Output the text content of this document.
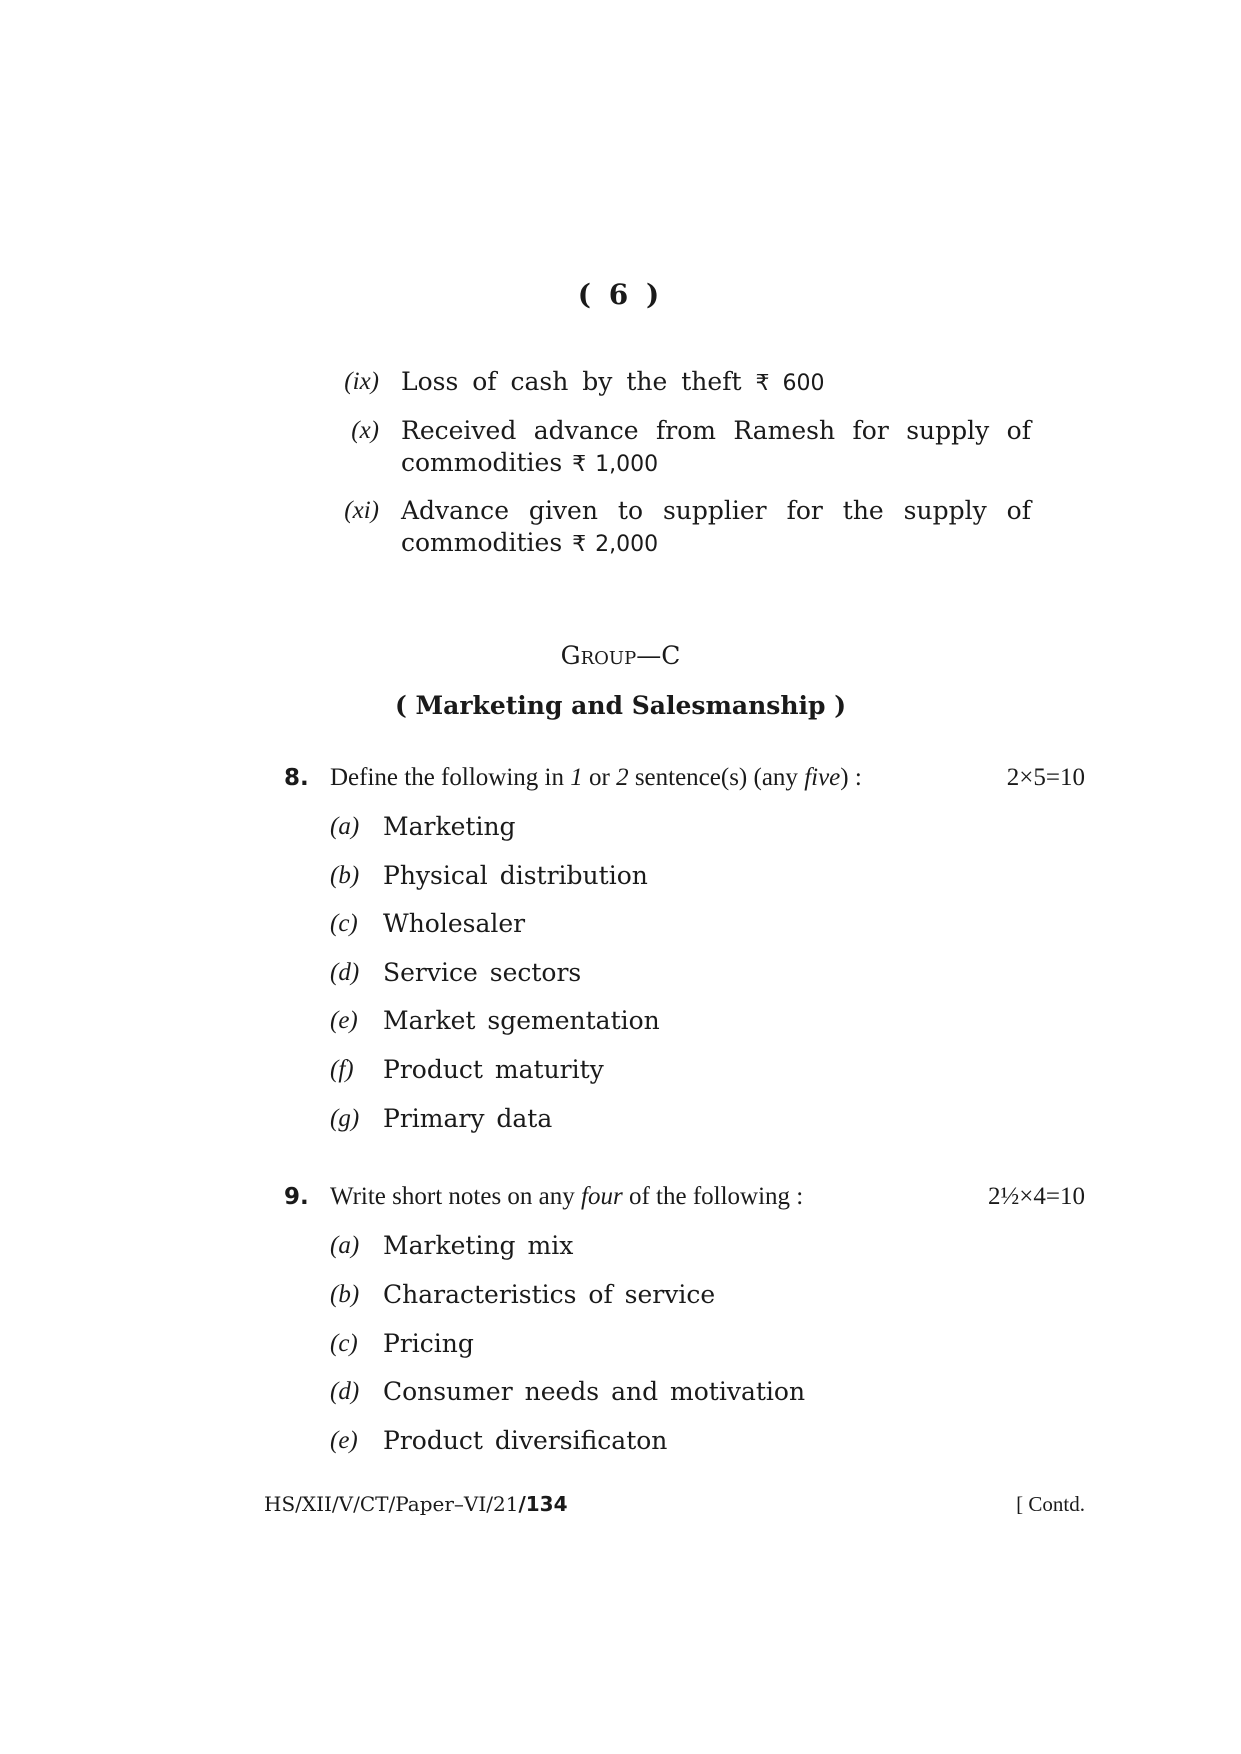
( 6 )
(ix) Loss of cash by the theft ₹ 600
(x) Received advance from Ramesh for supply of
commodities ₹ 1,000
(xi) Advance given to supplier for the supply of
commodities ₹ 2,000
Group—C
( Marketing and Salesmanship )
8. Define the following in 1 or 2 sentence(s) (any five) :	2×5=10
(a) Marketing
(b) Physical distribution
(c) Wholesaler
(d) Service sectors
(e) Market sgementation
(f) Product maturity
(g) Primary data
9. Write short notes on any four of the following :	2½×4=10
(a) Marketing mix
(b) Characteristics of service
(c) Pricing
(d) Consumer needs and motivation
(e) Product diversificaton
HS/XII/V/CT/Paper–VI/21/134	[ Contd.
